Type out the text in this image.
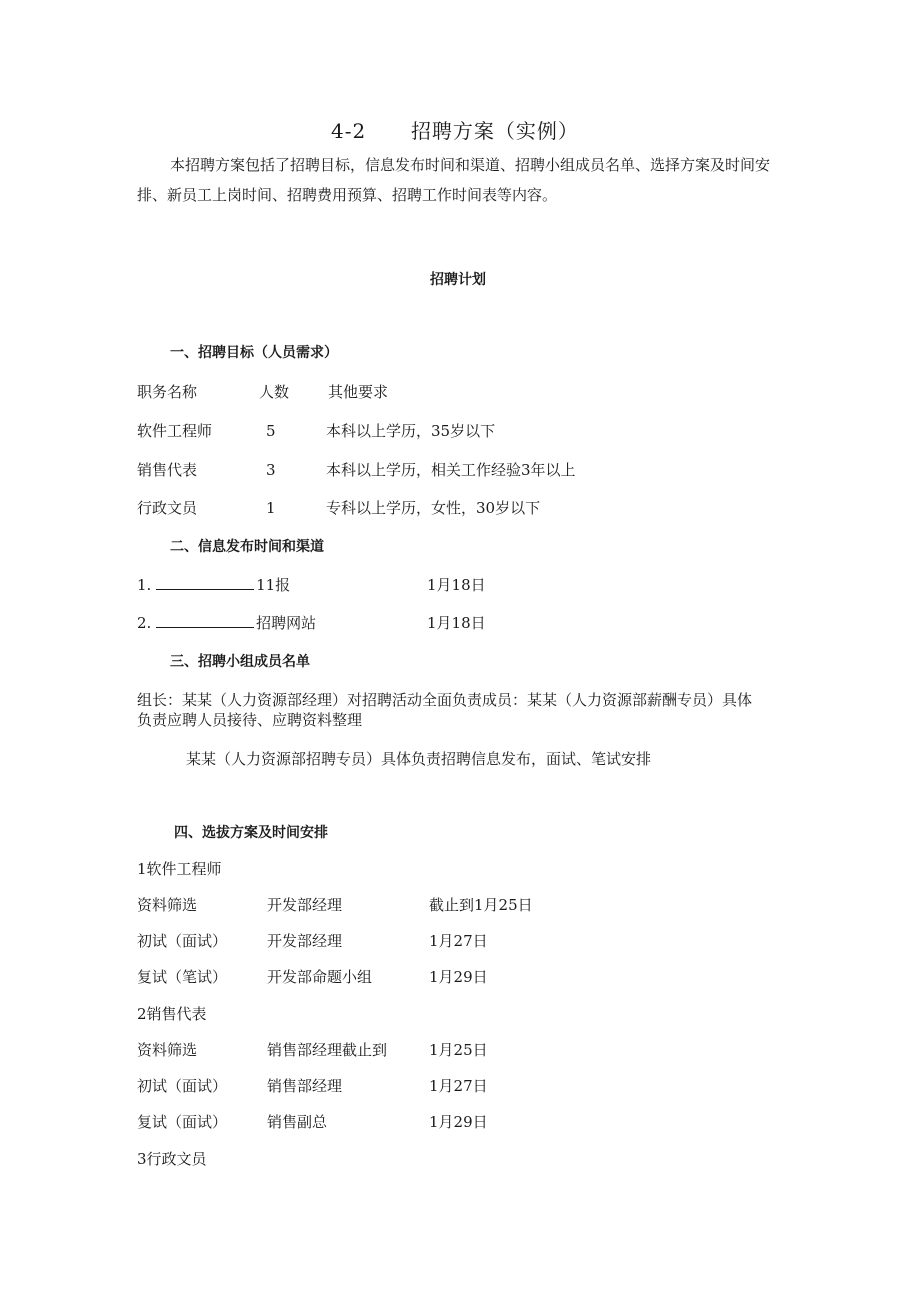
4-2 招聘方案（实例）
本招聘方案包括了招聘目标，信息发布时间和渠道、招聘小组成员名单、选择方案及时间安排、新员工上岗时间、招聘费用预算、招聘工作时间表等内容。
招聘计划
一、招聘目标（人员需求）
职务名称	人数	其他要求
软件工程师	5	本科以上学历，35岁以下
销售代表	3	本科以上学历，相关工作经验3年以上
行政文员	1	专科以上学历，女性，30岁以下
二、信息发布时间和渠道
1.	11报	1月18日
2.	招聘网站	1月18日
三、招聘小组成员名单
组长：某某（人力资源部经理）对招聘活动全面负责成员：某某（人力资源部薪酬专员）具体
负责应聘人员接待、应聘资料整理
某某（人力资源部招聘专员）具体负责招聘信息发布，面试、笔试安排
四、选拔方案及时间安排
1软件工程师
资料筛选	开发部经理	截止到1月25日
初试（面试）	开发部经理	1月27日
复试（笔试）	开发部命题小组	1月29日
2销售代表
资料筛选	销售部经理截止到	1月25日
初试（面试）	销售部经理	1月27日
复试（面试）	销售副总	1月29日
3行政文员
